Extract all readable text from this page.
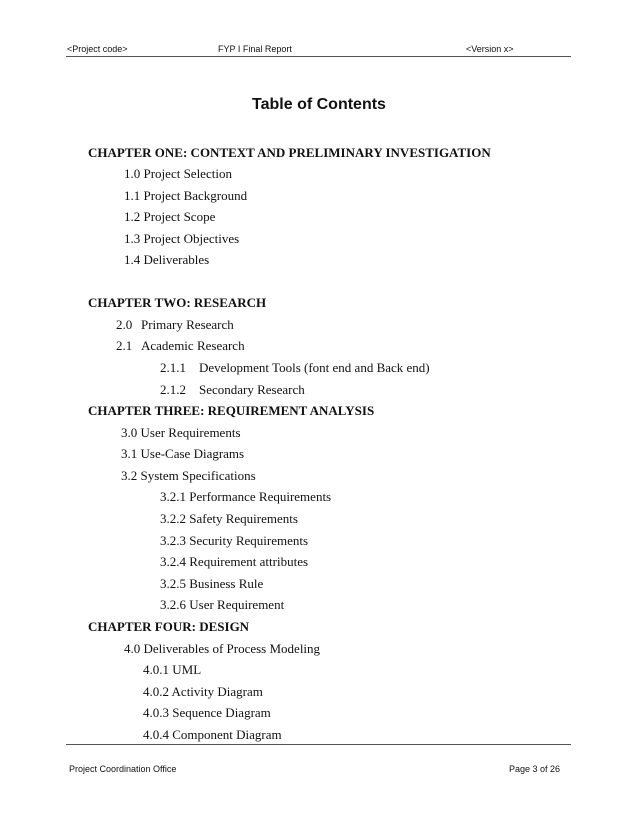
<Project code>	FYP I Final Report	<Version x>
Table of Contents
CHAPTER ONE: CONTEXT AND PRELIMINARY INVESTIGATION
1.0 Project Selection
1.1 Project Background
1.2 Project Scope
1.3 Project Objectives
1.4 Deliverables
CHAPTER TWO: RESEARCH
2.0 Primary Research
2.1 Academic Research
2.1.1 Development Tools (font end and Back end)
2.1.2 Secondary Research
CHAPTER THREE: REQUIREMENT ANALYSIS
3.0 User Requirements
3.1 Use-Case Diagrams
3.2 System Specifications
3.2.1 Performance Requirements
3.2.2 Safety Requirements
3.2.3 Security Requirements
3.2.4 Requirement attributes
3.2.5 Business Rule
3.2.6 User Requirement
CHAPTER FOUR: DESIGN
4.0 Deliverables of Process Modeling
4.0.1 UML
4.0.2 Activity Diagram
4.0.3 Sequence Diagram
4.0.4 Component Diagram
Project Coordination Office	Page 3 of 26
